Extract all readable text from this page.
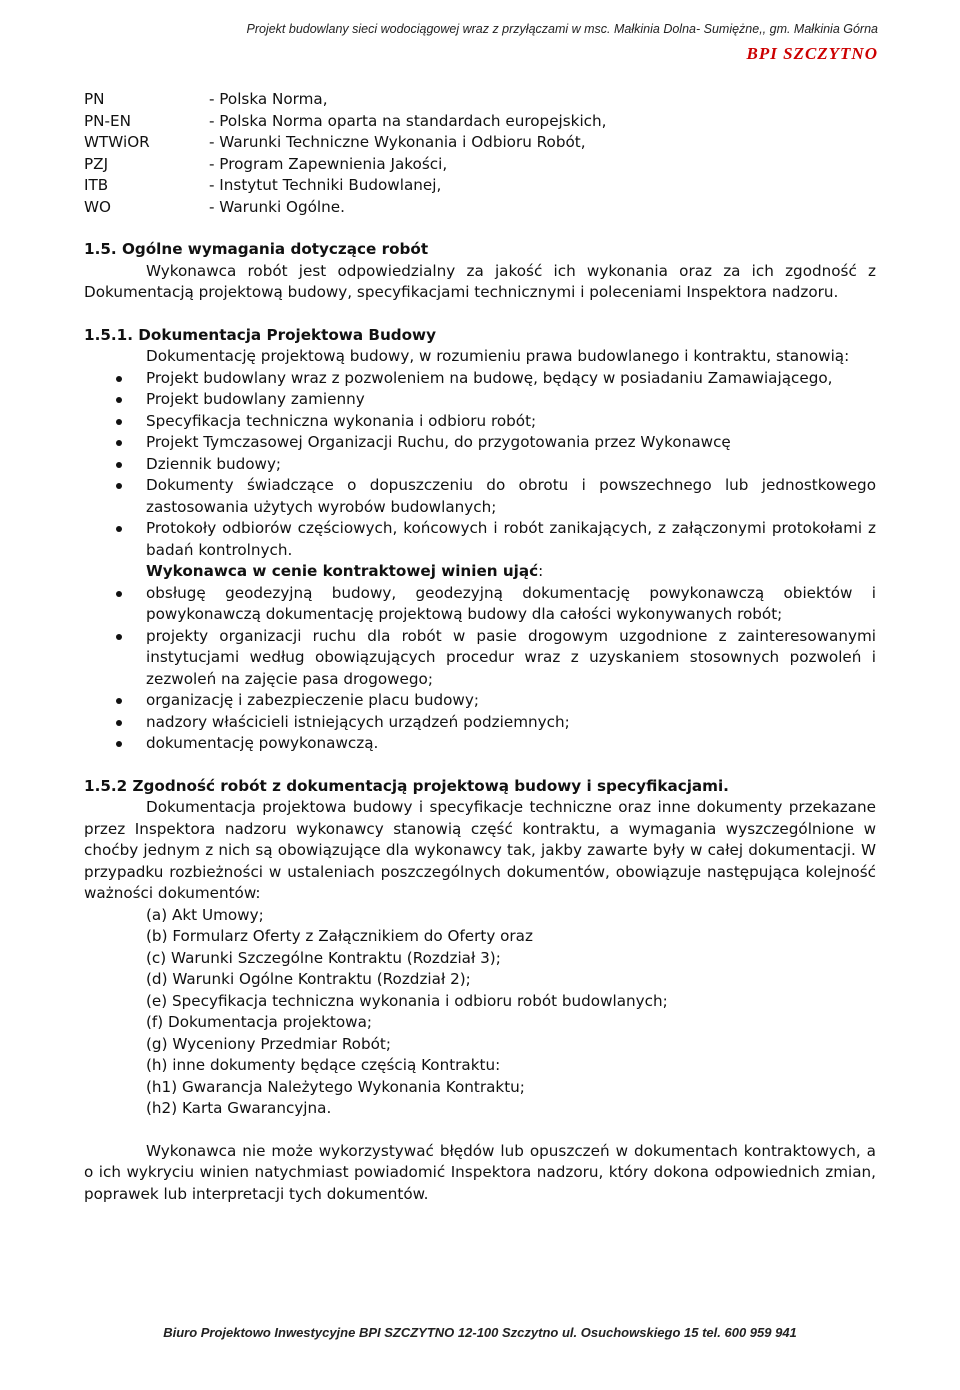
Projekt budowlany sieci wodociągowej wraz z przyłączami w msc. Małkinia Dolna- Sumiężne,, gm. Małkinia Górna
BPI SZCZYTNO
PN	- Polska Norma,
PN-EN	- Polska Norma oparta na standardach europejskich,
WTWiOR	- Warunki Techniczne Wykonania i Odbioru Robót,
PZJ	- Program Zapewnienia Jakości,
ITB	- Instytut Techniki Budowlanej,
WO	- Warunki Ogólne.
1.5. Ogólne wymagania dotyczące robót

Wykonawca robót jest odpowiedzialny za jakość ich wykonania oraz za ich zgodność z Dokumentacją projektową budowy, specyfikacjami technicznymi i poleceniami Inspektora nadzoru.

1.5.1. Dokumentacja Projektowa Budowy

Dokumentację projektową budowy, w rozumieniu prawa budowlanego i kontraktu, stanowią:

Projekt budowlany wraz z pozwoleniem na budowę, będący w posiadaniu Zamawiającego,
Projekt budowlany zamienny
Specyfikacja techniczna wykonania i odbioru robót;
Projekt Tymczasowej Organizacji Ruchu, do przygotowania przez Wykonawcę
Dziennik budowy;
Dokumenty świadczące o dopuszczeniu do obrotu i powszechnego lub jednostkowego zastosowania użytych wyrobów budowlanych;
Protokoły odbiorów częściowych, końcowych i robót zanikających, z załączonymi protokołami z badań kontrolnych.
Wykonawca w cenie kontraktowej winien ująć:
obsługę geodezyjną budowy, geodezyjną dokumentację powykonawczą obiektów i powykonawczą dokumentację projektową budowy dla całości wykonywanych robót;
projekty organizacji ruchu dla robót w pasie drogowym uzgodnione z zainteresowanymi instytucjami według obowiązujących procedur wraz z uzyskaniem stosownych pozwoleń i zezwoleń na zajęcie pasa drogowego;
organizację i zabezpieczenie placu budowy;
nadzory właścicieli istniejących urządzeń podziemnych;
dokumentację powykonawczą.
1.5.2 Zgodność robót z dokumentacją projektową budowy i specyfikacjami.

Dokumentacja projektowa budowy i specyfikacje techniczne oraz inne dokumenty przekazane przez Inspektora nadzoru wykonawcy stanowią część kontraktu, a wymagania wyszczególnione w choćby jednym z nich są obowiązujące dla wykonawcy tak, jakby zawarte były w całej dokumentacji. W przypadku rozbieżności w ustaleniach poszczególnych dokumentów, obowiązuje następująca kolejność ważności dokumentów:

(a) Akt Umowy;
(b) Formularz Oferty z Załącznikiem do Oferty oraz
(c) Warunki Szczególne Kontraktu (Rozdział 3);
(d) Warunki Ogólne Kontraktu (Rozdział 2);
(e) Specyfikacja techniczna wykonania i odbioru robót budowlanych;
(f) Dokumentacja projektowa;
(g) Wyceniony Przedmiar Robót;
(h) inne dokumenty będące częścią Kontraktu:
(h1) Gwarancja Należytego Wykonania Kontraktu;
(h2) Karta Gwarancyjna.

Wykonawca nie może wykorzystywać błędów lub opuszczeń w dokumentach kontraktowych, a o ich wykryciu winien natychmiast powiadomić Inspektora nadzoru, który dokona odpowiednich zmian, poprawek lub interpretacji tych dokumentów.

Biuro Projektowo Inwestycyjne BPI SZCZYTNO 12-100 Szczytno ul. Osuchowskiego 15 tel. 600 959 941
